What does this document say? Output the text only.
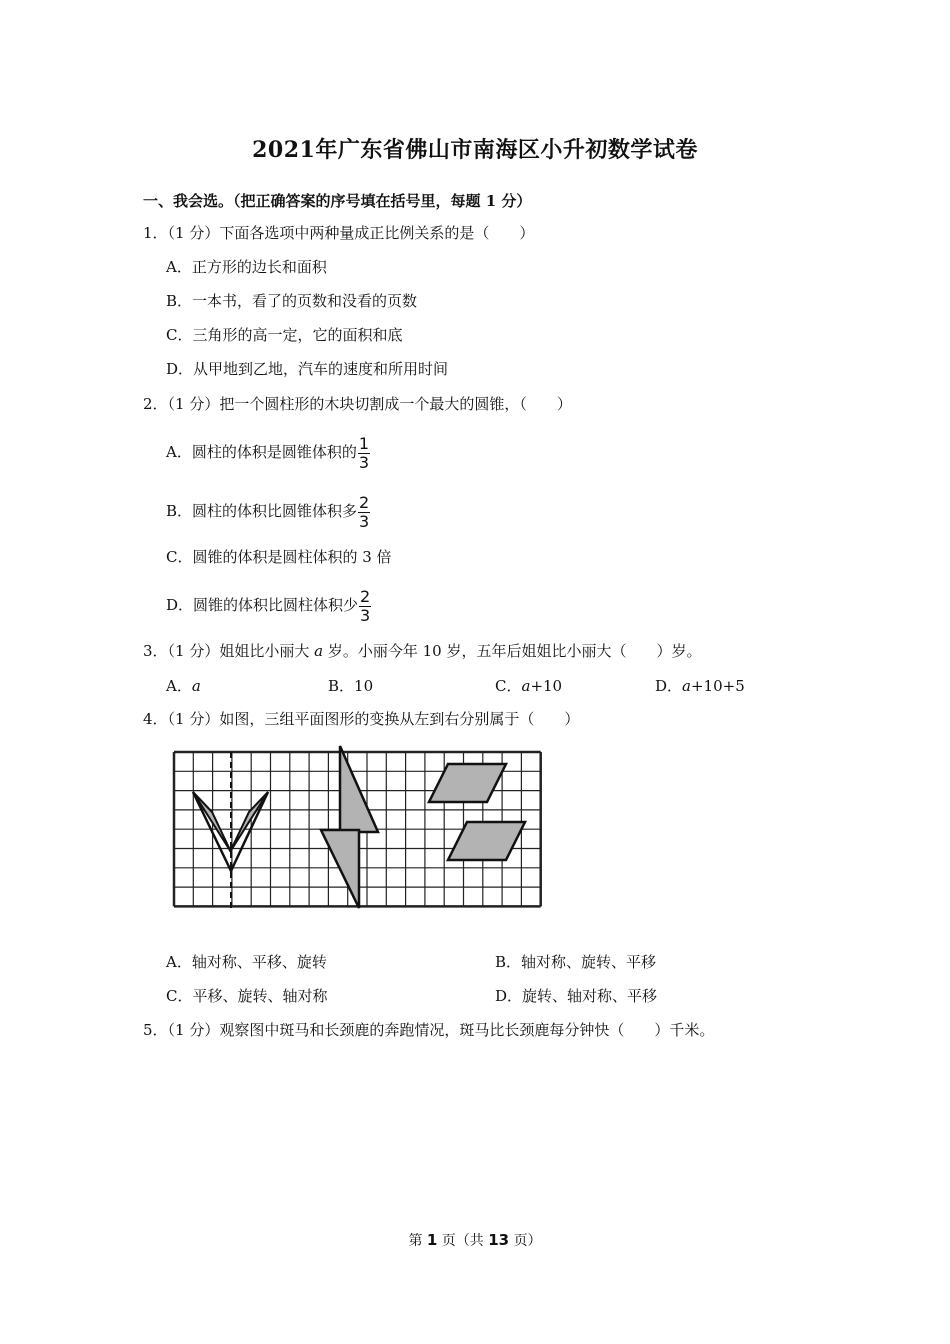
2021年广东省佛山市南海区小升初数学试卷
一、我会选。（把正确答案的序号填在括号里，每题 1 分）
1．（1 分）下面各选项中两种量成正比例关系的是（　　）
A．正方形的边长和面积
B．一本书，看了的页数和没看的页数
C．三角形的高一定，它的面积和底
D．从甲地到乙地，汽车的速度和所用时间
2．（1 分）把一个圆柱形的木块切割成一个最大的圆锥，（　　）
A．圆柱的体积是圆锥体积的 $\frac{1}{3}$
B．圆柱的体积比圆锥体积多 $\frac{2}{3}$
C．圆锥的体积是圆柱体积的 3 倍
D．圆锥的体积比圆柱体积少 $\frac{2}{3}$
3．（1 分）姐姐比小丽大 a 岁。小丽今年 10 岁，五年后姐姐比小丽大（　　）岁。
A．a	B．10	C．a+10	D．a+10+5
4．（1 分）如图，三组平面图形的变换从左到右分别属于（　　）
A．轴对称、平移、旋转	B．轴对称、旋转、平移
C．平移、旋转、轴对称	D．旋转、轴对称、平移
5．（1 分）观察图中斑马和长颈鹿的奔跑情况，斑马比长颈鹿每分钟快（　　）千米。
第 1 页（共 13 页）
